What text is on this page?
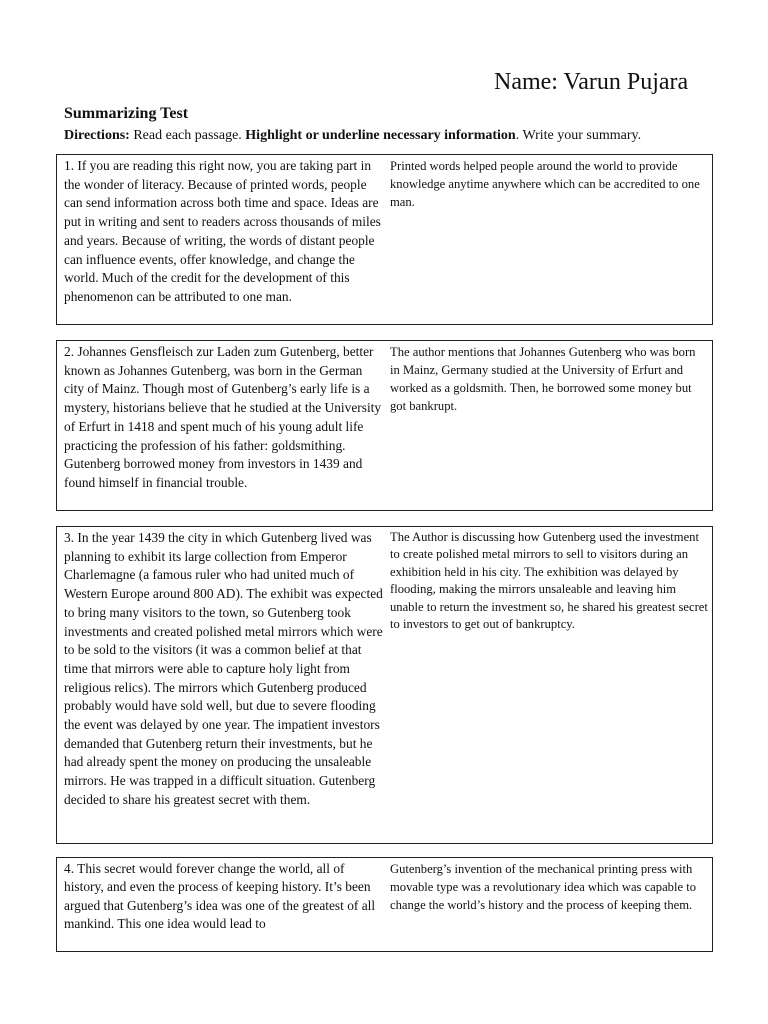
Name: Varun Pujara
Summarizing Test
Directions: Read each passage. Highlight or underline necessary information. Write your summary.
1. If you are reading this right now, you are taking part in the wonder of literacy. Because of printed words, people can send information across both time and space. Ideas are put in writing and sent to readers across thousands of miles and years. Because of writing, the words of distant people can influence events, offer knowledge, and change the world. Much of the credit for the development of this phenomenon can be attributed to one man.
Printed words helped people around the world to provide knowledge anytime anywhere which can be accredited to one man.
2. Johannes Gensfleisch zur Laden zum Gutenberg, better known as Johannes Gutenberg, was born in the German city of Mainz. Though most of Gutenberg’s early life is a mystery, historians believe that he studied at the University of Erfurt in 1418 and spent much of his young adult life practicing the profession of his father: goldsmithing. Gutenberg borrowed money from investors in 1439 and found himself in financial trouble.
The author mentions that Johannes Gutenberg who was born in Mainz, Germany studied at the University of Erfurt and worked as a goldsmith. Then, he borrowed some money but got bankrupt.
3. In the year 1439 the city in which Gutenberg lived was planning to exhibit its large collection from Emperor Charlemagne (a famous ruler who had united much of Western Europe around 800 AD). The exhibit was expected to bring many visitors to the town, so Gutenberg took investments and created polished metal mirrors which were to be sold to the visitors (it was a common belief at that time that mirrors were able to capture holy light from religious relics). The mirrors which Gutenberg produced probably would have sold well, but due to severe flooding the event was delayed by one year. The impatient investors demanded that Gutenberg return their investments, but he had already spent the money on producing the unsaleable mirrors. He was trapped in a difficult situation. Gutenberg decided to share his greatest secret with them.
The Author is discussing how Gutenberg used the investment to create polished metal mirrors to sell to visitors during an exhibition held in his city. The exhibition was delayed by flooding, making the mirrors unsaleable and leaving him unable to return the investment so, he shared his greatest secret to investors to get out of bankruptcy.
4. This secret would forever change the world, all of history, and even the process of keeping history. It’s been argued that Gutenberg’s idea was one of the greatest of all mankind. This one idea would lead to
Gutenberg’s invention of the mechanical printing press with movable type was a revolutionary idea which was capable to change the world’s history and the process of keeping them.
